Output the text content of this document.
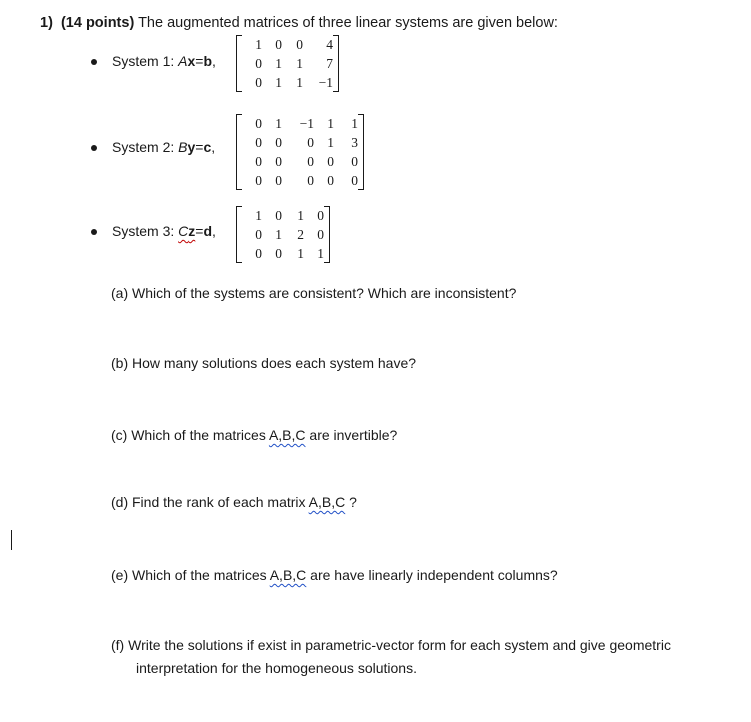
1) (14 points) The augmented matrices of three linear systems are given below:
System 1: Ax=b,
1	0	0	4
0	1	1	7
0	1	1	−1
System 2: By=c,
0	1	−1	1	1
0	0	0	1	3
0	0	0	0	0
0	0	0	0	0
System 3: Cz=d,
1	0	1	0
0	1	2	0
0	0	1	1
(a) Which of the systems are consistent? Which are inconsistent?
(b) How many solutions does each system have?
(c) Which of the matrices A,B,C are invertible?
(d) Find the rank of each matrix A,B,C ?
(e) Which of the matrices A,B,C are have linearly independent columns?
(f) Write the solutions if exist in parametric-vector form for each system and give geometric
interpretation for the homogeneous solutions.
